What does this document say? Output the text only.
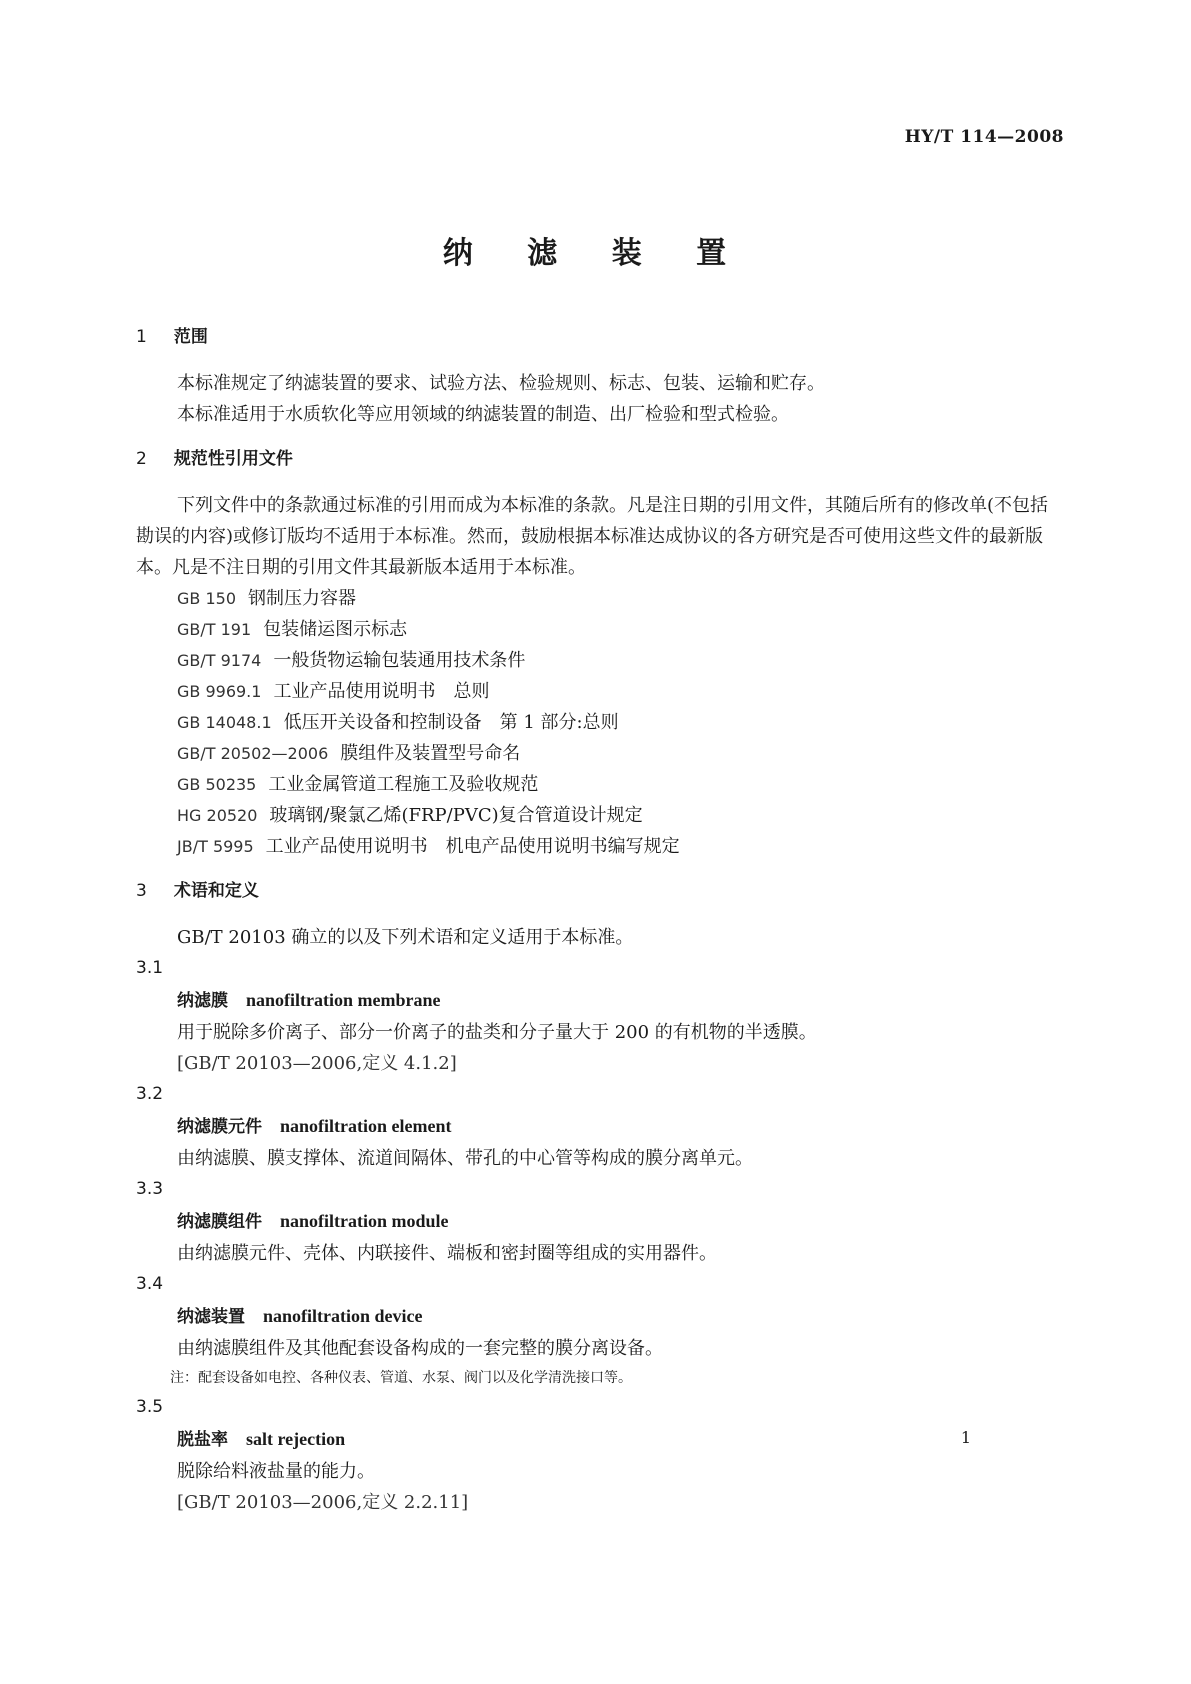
HY/T 114—2008
纳 滤 装 置
1 范围

本标准规定了纳滤装置的要求、试验方法、检验规则、标志、包装、运输和贮存。

本标准适用于水质软化等应用领域的纳滤装置的制造、出厂检验和型式检验。

2 规范性引用文件

下列文件中的条款通过标准的引用而成为本标准的条款。凡是注日期的引用文件，其随后所有的修改单(不包括勘误的内容)或修订版均不适用于本标准。然而，鼓励根据本标准达成协议的各方研究是否可使用这些文件的最新版本。凡是不注日期的引用文件其最新版本适用于本标准。

GB 150 钢制压力容器
GB/T 191 包装储运图示标志
GB/T 9174 一般货物运输包装通用技术条件
GB 9969.1 工业产品使用说明书　总则
GB 14048.1 低压开关设备和控制设备　第 1 部分:总则
GB/T 20502—2006 膜组件及装置型号命名
GB 50235 工业金属管道工程施工及验收规范
HG 20520 玻璃钢/聚氯乙烯(FRP/PVC)复合管道设计规定
JB/T 5995 工业产品使用说明书　机电产品使用说明书编写规定
3 术语和定义

GB/T 20103 确立的以及下列术语和定义适用于本标准。

3.1

纳滤膜 nanofiltration membrane

用于脱除多价离子、部分一价离子的盐类和分子量大于 200 的有机物的半透膜。

[GB/T 20103—2006,定义 4.1.2]

3.2

纳滤膜元件 nanofiltration element

由纳滤膜、膜支撑体、流道间隔体、带孔的中心管等构成的膜分离单元。

3.3

纳滤膜组件 nanofiltration module

由纳滤膜元件、壳体、内联接件、端板和密封圈等组成的实用器件。

3.4

纳滤装置 nanofiltration device

由纳滤膜组件及其他配套设备构成的一套完整的膜分离设备。

注：配套设备如电控、各种仪表、管道、水泵、阀门以及化学清洗接口等。

3.5

脱盐率 salt rejection

脱除给料液盐量的能力。

[GB/T 20103—2006,定义 2.2.11]
1
